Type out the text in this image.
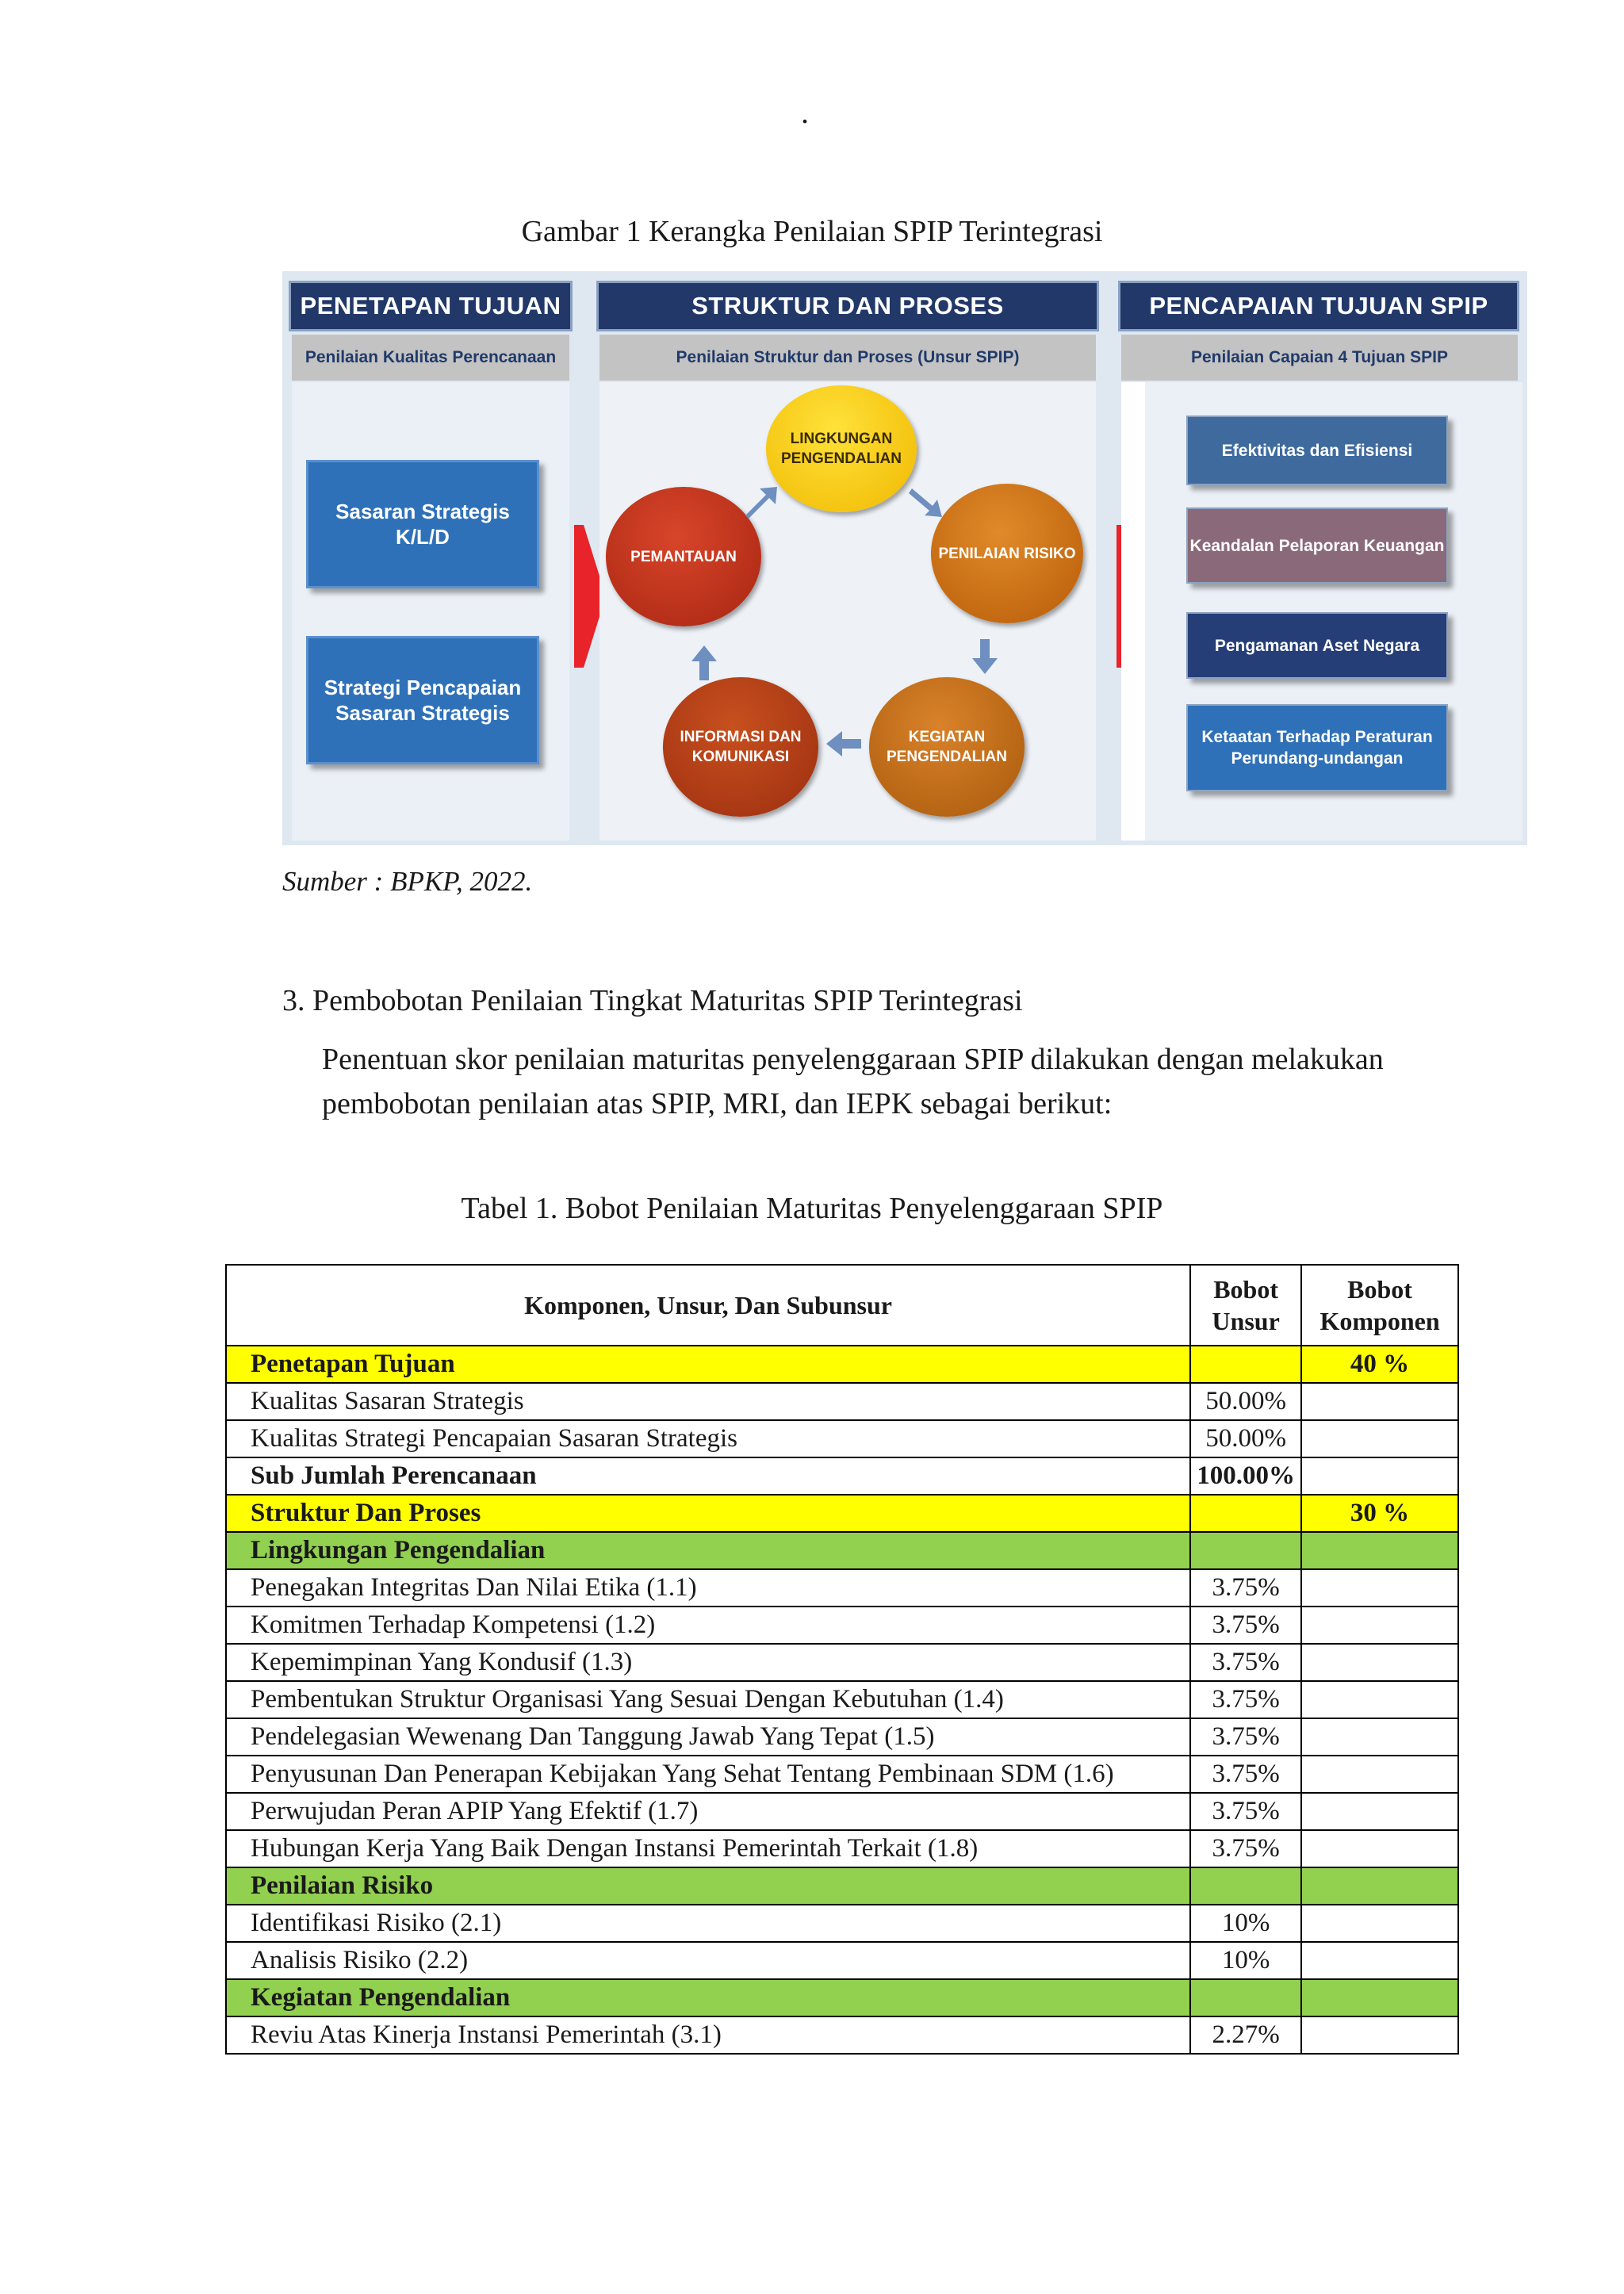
.
Gambar 1 Kerangka Penilaian SPIP Terintegrasi
PENETAPAN TUJUAN
Penilaian Kualitas Perencanaan
Sasaran Strategis K/L/D
Strategi Pencapaian Sasaran Strategis
STRUKTUR DAN PROSES
Penilaian Struktur dan Proses (Unsur SPIP)
LINGKUNGAN PENGENDALIAN
PENILAIAN RISIKO
KEGIATAN PENGENDALIAN
INFORMASI DAN KOMUNIKASI
PEMANTAUAN
PENCAPAIAN TUJUAN SPIP
Penilaian Capaian 4 Tujuan SPIP
Efektivitas dan Efisiensi
Keandalan Pelaporan Keuangan
Pengamanan Aset Negara
Ketaatan Terhadap Peraturan Perundang-undangan
Sumber : BPKP, 2022.
3. Pembobotan Penilaian Tingkat Maturitas SPIP Terintegrasi
Penentuan skor penilaian maturitas penyelenggaraan SPIP dilakukan dengan melakukan pembobotan penilaian atas SPIP, MRI, dan IEPK sebagai berikut:
Tabel 1. Bobot Penilaian Maturitas Penyelenggaraan SPIP
Komponen, Unsur, Dan Subunsur	Bobot Unsur	Bobot Komponen
Penetapan Tujuan		40 %
Kualitas Sasaran Strategis	50.00%	
Kualitas Strategi Pencapaian Sasaran Strategis	50.00%	
Sub Jumlah Perencanaan	100.00%	
Struktur Dan Proses		30 %
Lingkungan Pengendalian		
Penegakan Integritas Dan Nilai Etika (1.1)	3.75%	
Komitmen Terhadap Kompetensi (1.2)	3.75%	
Kepemimpinan Yang Kondusif (1.3)	3.75%	
Pembentukan Struktur Organisasi Yang Sesuai Dengan Kebutuhan (1.4)	3.75%	
Pendelegasian Wewenang Dan Tanggung Jawab Yang Tepat (1.5)	3.75%	
Penyusunan Dan Penerapan Kebijakan Yang Sehat Tentang Pembinaan SDM (1.6)	3.75%	
Perwujudan Peran APIP Yang Efektif (1.7)	3.75%	
Hubungan Kerja Yang Baik Dengan Instansi Pemerintah Terkait (1.8)	3.75%	
Penilaian Risiko		
Identifikasi Risiko (2.1)	10%	
Analisis Risiko (2.2)	10%	
Kegiatan Pengendalian		
Reviu Atas Kinerja Instansi Pemerintah (3.1)	2.27%	
